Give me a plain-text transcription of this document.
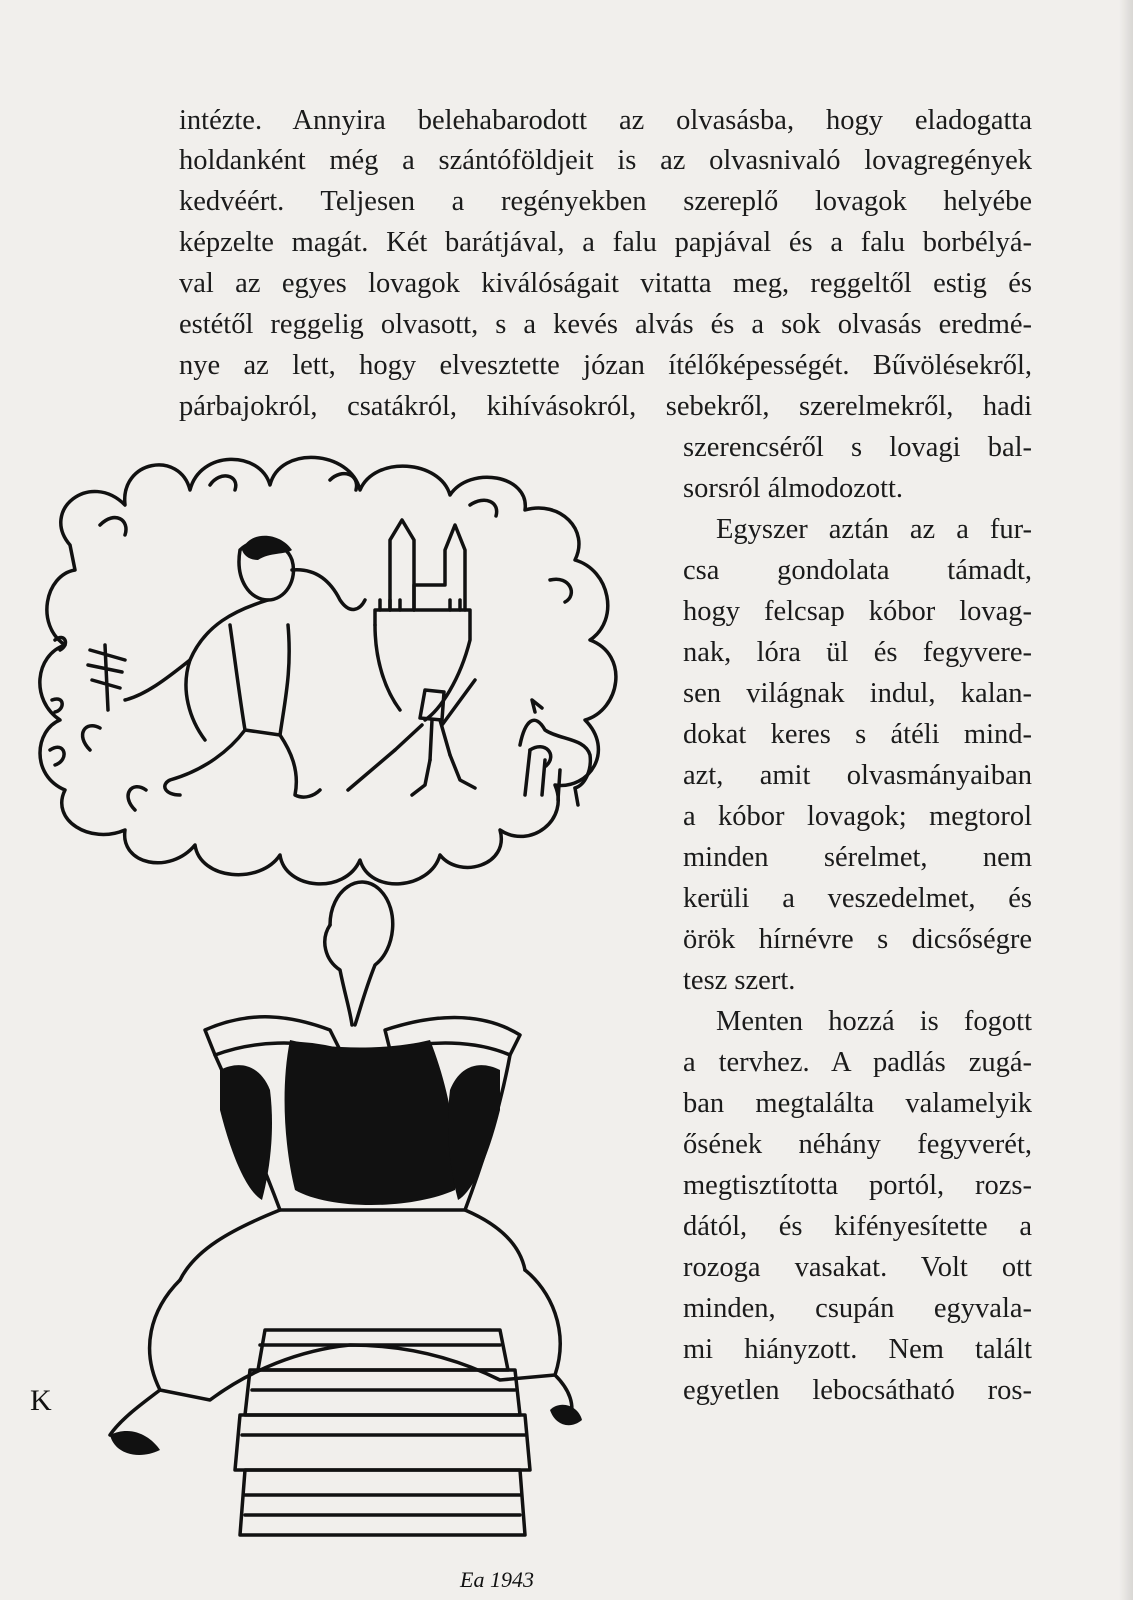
intézte. Annyira belehabarodott az olvasásba, hogy eladogatta
holdanként még a szántóföldjeit is az olvasnivaló lovagregények
kedvéért. Teljesen a regényekben szereplő lovagok helyébe
képzelte magát. Két barátjával, a falu papjával és a falu borbélyá-
val az egyes lovagok kiválóságait vitatta meg, reggeltől estig és
estétől reggelig olvasott, s a kevés alvás és a sok olvasás eredmé-
nye az lett, hogy elvesztette józan ítélőképességét. Bűvölésekről,
párbajokról, csatákról, kihívásokról, sebekről, szerelmekről, hadi
szerencséről s lovagi bal-
sorsról álmodozott.
Egyszer aztán az a fur-
csa gondolata támadt,
hogy felcsap kóbor lovag-
nak, lóra ül és fegyvere-
sen világnak indul, kalan-
dokat keres s átéli mind-
azt, amit olvasmányaiban
a kóbor lovagok; megtorol
minden sérelmet, nem
kerüli a veszedelmet, és
örök hírnévre s dicsőségre
tesz szert.
Menten hozzá is fogott
a tervhez. A padlás zugá-
ban megtalálta valamelyik
ősének néhány fegyverét,
megtisztította portól, rozs-
dától, és kifényesítette a
rozoga vasakat. Volt ott
minden, csupán egyvala-
mi hiányzott. Nem talált
egyetlen lebocsátható ros-
K
Ea 1943
